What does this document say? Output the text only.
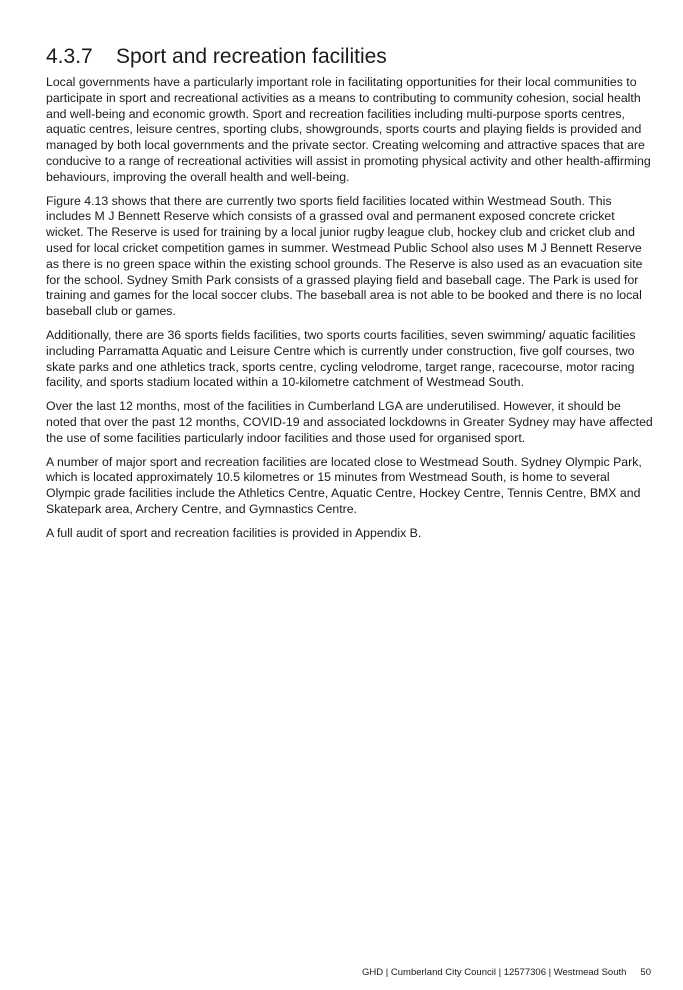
4.3.7 Sport and recreation facilities

Local governments have a particularly important role in facilitating opportunities for their local communities to participate in sport and recreational activities as a means to contributing to community cohesion, social health and well-being and economic growth. Sport and recreation facilities including multi-purpose sports centres, aquatic centres, leisure centres, sporting clubs, showgrounds, sports courts and playing fields is provided and managed by both local governments and the private sector. Creating welcoming and attractive spaces that are conducive to a range of recreational activities will assist in promoting physical activity and other health-affirming behaviours, improving the overall health and well-being.

Figure 4.13 shows that there are currently two sports field facilities located within Westmead South. This includes M J Bennett Reserve which consists of a grassed oval and permanent exposed concrete cricket wicket. The Reserve is used for training by a local junior rugby league club, hockey club and cricket club and used for local cricket competition games in summer. Westmead Public School also uses M J Bennett Reserve as there is no green space within the existing school grounds. The Reserve is also used as an evacuation site for the school. Sydney Smith Park consists of a grassed playing field and baseball cage. The Park is used for training and games for the local soccer clubs. The baseball area is not able to be booked and there is no local baseball club or games.

Additionally, there are 36 sports fields facilities, two sports courts facilities, seven swimming/ aquatic facilities including Parramatta Aquatic and Leisure Centre which is currently under construction, five golf courses, two skate parks and one athletics track, sports centre, cycling velodrome, target range, racecourse, motor racing facility, and sports stadium located within a 10-kilometre catchment of Westmead South.

Over the last 12 months, most of the facilities in Cumberland LGA are underutilised. However, it should be noted that over the past 12 months, COVID-19 and associated lockdowns in Greater Sydney may have affected the use of some facilities particularly indoor facilities and those used for organised sport.

A number of major sport and recreation facilities are located close to Westmead South. Sydney Olympic Park, which is located approximately 10.5 kilometres or 15 minutes from Westmead South, is home to several Olympic grade facilities include the Athletics Centre, Aquatic Centre, Hockey Centre, Tennis Centre, BMX and Skatepark area, Archery Centre, and Gymnastics Centre.

A full audit of sport and recreation facilities is provided in Appendix B.

GHD | Cumberland City Council | 12577306 | Westmead South 50
